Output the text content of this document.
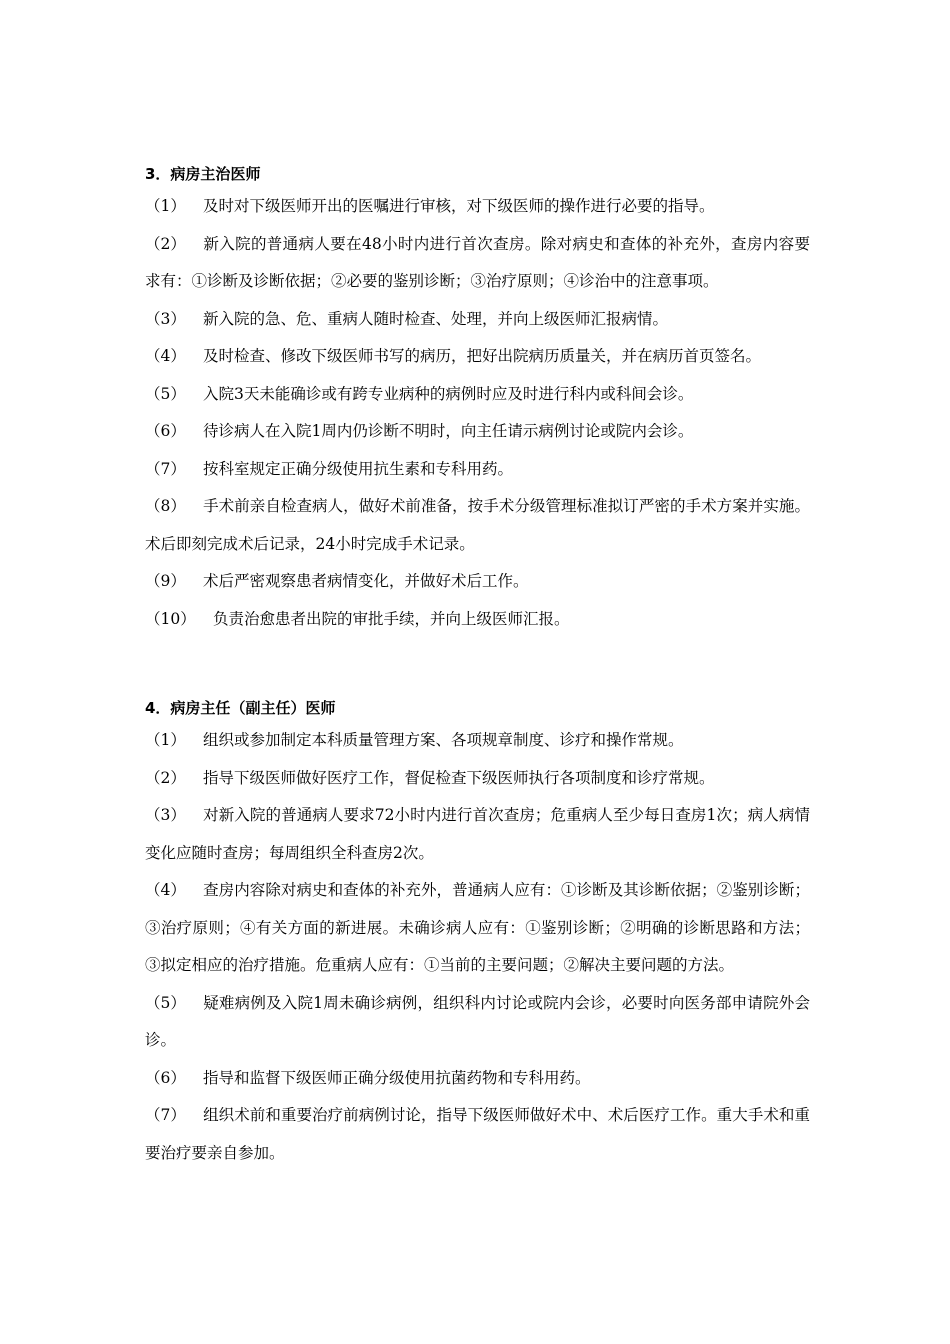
3．病房主治医师
（1） 及时对下级医师开出的医嘱进行审核，对下级医师的操作进行必要的指导。
（2） 新入院的普通病人要在48小时内进行首次查房。除对病史和查体的补充外，查房内容要求有：①诊断及诊断依据；②必要的鉴别诊断；③治疗原则；④诊治中的注意事项。
（3） 新入院的急、危、重病人随时检查、处理，并向上级医师汇报病情。
（4） 及时检查、修改下级医师书写的病历，把好出院病历质量关，并在病历首页签名。
（5） 入院3天未能确诊或有跨专业病种的病例时应及时进行科内或科间会诊。
（6） 待诊病人在入院1周内仍诊断不明时，向主任请示病例讨论或院内会诊。
（7） 按科室规定正确分级使用抗生素和专科用药。
（8） 手术前亲自检查病人，做好术前准备，按手术分级管理标准拟订严密的手术方案并实施。术后即刻完成术后记录，24小时完成手术记录。
（9） 术后严密观察患者病情变化，并做好术后工作。
（10） 负责治愈患者出院的审批手续，并向上级医师汇报。
4．病房主任（副主任）医师
（1） 组织或参加制定本科质量管理方案、各项规章制度、诊疗和操作常规。
（2） 指导下级医师做好医疗工作，督促检查下级医师执行各项制度和诊疗常规。
（3） 对新入院的普通病人要求72小时内进行首次查房；危重病人至少每日查房1次；病人病情变化应随时查房；每周组织全科查房2次。
（4） 查房内容除对病史和查体的补充外，普通病人应有：①诊断及其诊断依据；②鉴别诊断；③治疗原则；④有关方面的新进展。未确诊病人应有：①鉴别诊断；②明确的诊断思路和方法；③拟定相应的治疗措施。危重病人应有：①当前的主要问题；②解决主要问题的方法。
（5） 疑难病例及入院1周未确诊病例，组织科内讨论或院内会诊，必要时向医务部申请院外会诊。
（6） 指导和监督下级医师正确分级使用抗菌药物和专科用药。
（7） 组织术前和重要治疗前病例讨论，指导下级医师做好术中、术后医疗工作。重大手术和重要治疗要亲自参加。
